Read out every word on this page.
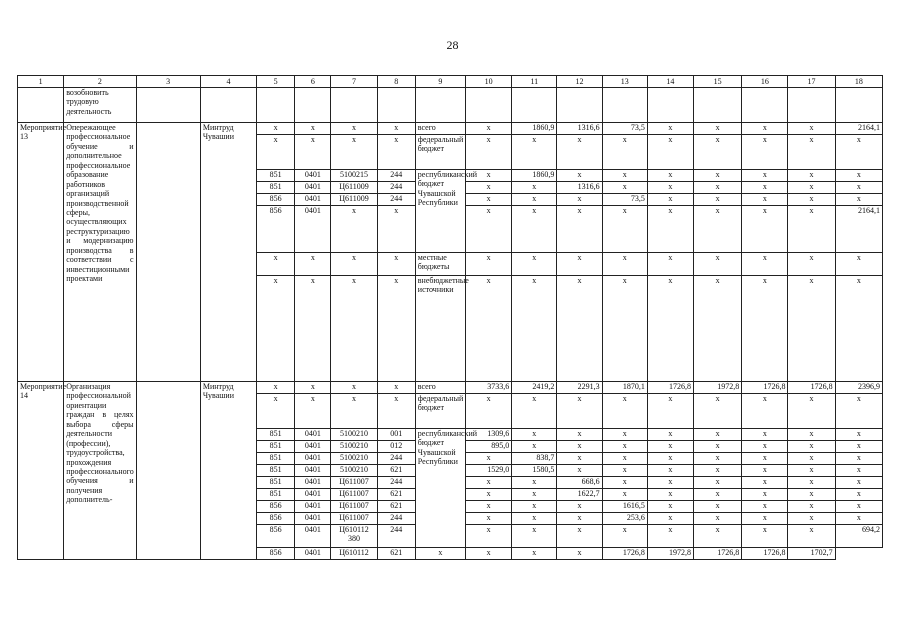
28
1	2	3	4	5	6	7	8	9	10	11	12	13	14	15	16	17	18
	возобновить трудовую деятельность																
Мероприятие 13	Опережающее профессиональное обучение и дополнительное профессиональное образование работников организаций производственной сферы, осуществляющих реструктуризацию и модернизацию производства в соответствии с инвестиционными проектами		Минтруд Чувашии	x	x	x	x	всего	x	1860,9	1316,6	73,5	x	x	x	x	2164,1
				x	x	x	x	федеральный бюджет	x	x	x	x	x	x	x	x	x
				851	0401	5100215	244	республиканский бюджет Чувашской Республики	x	1860,9	x	x	x	x	x	x	x
				851	0401	Ц611009	244		x	x	1316,6	x	x	x	x	x	x
				856	0401	Ц611009	244		x	x	x	73,5	x	x	x	x	x
				856	0401	x	x		x	x	x	x	x	x	x	x	2164,1
				x	x	x	x	местные бюджеты	x	x	x	x	x	x	x	x	x
				x	x	x	x	внебюджетные источники	x	x	x	x	x	x	x	x	x
Мероприятие 14	Организация профессиональной ориентации граждан в целях выбора сферы деятельности (профессии), трудоустройства, прохождения профессионального обучения и получения дополнитель-		Минтруд Чувашии	x	x	x	x	всего	3733,6	2419,2	2291,3	1870,1	1726,8	1972,8	1726,8	1726,8	2396,9
				x	x	x	x	федеральный бюджет	x	x	x	x	x	x	x	x	x
				851	0401	5100210	001	республиканский бюджет Чувашской Республики	1309,6	x	x	x	x	x	x	x	x
				851	0401	5100210	012		895,0	x	x	x	x	x	x	x	x
				851	0401	5100210	244		x	838,7	x	x	x	x	x	x	x
				851	0401	5100210	621		1529,0	1580,5	x	x	x	x	x	x	x
				851	0401	Ц611007	244		x	x	668,6	x	x	x	x	x	x
				851	0401	Ц611007	621		x	x	1622,7	x	x	x	x	x	x
				856	0401	Ц611007	621		x	x	x	1616,5	x	x	x	x	x
				856	0401	Ц611007	244		x	x	x	253,6	x	x	x	x	x
				856	0401	Ц610112 380	244		x	x	x	x	x	x	x	x	694,2
				856	0401	Ц610112	621	x	x	x	x	1726,8	1972,8	1726,8	1726,8	1702,7	
